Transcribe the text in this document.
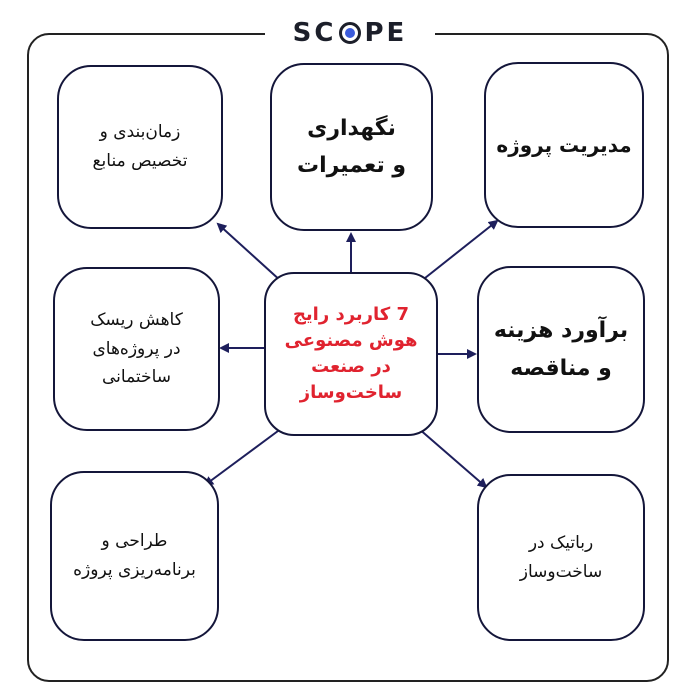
SC PE
زمان‌بندی و
تخصیص منابع
نگهداری
و تعمیرات
مدیریت پروژه
کاهش ریسک
در پروژه‌های
ساختمانی
7 کاربرد رایج
هوش مصنوعی
در صنعت
ساخت‌وساز
برآورد هزینه
و مناقصه
طراحی و
برنامه‌ریزی پروژه
رباتیک در
ساخت‌وساز
